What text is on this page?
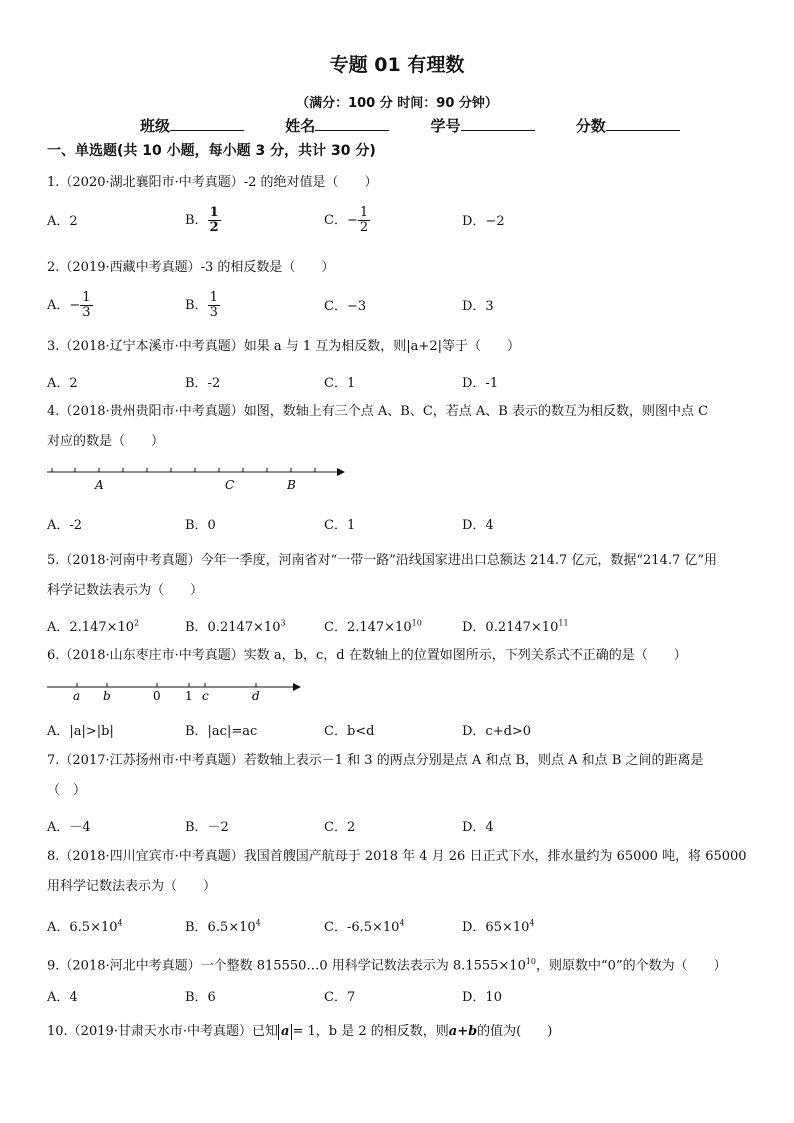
专题 01 有理数
（满分：100 分 时间：90 分钟）
班级	姓名	学号	分数
一、单选题(共 10 小题，每小题 3 分，共计 30 分)
1.（2020·湖北襄阳市·中考真题）-2 的绝对值是（　　）
A．2	B． $\frac{1}{2}$	C．− $\frac{1}{2}$	D．−2
2.（2019·西藏中考真题）-3 的相反数是（　　）
A．− $\frac{1}{3}$	B． $\frac{1}{3}$	C．−3	D．3
3.（2018·辽宁本溪市·中考真题）如果 a 与 1 互为相反数，则|a+2|等于（　　）
A．2	B．-2	C．1	D．-1
4.（2018·贵州贵阳市·中考真题）如图，数轴上有三个点 A、B、C，若点 A、B 表示的数互为相反数，则图中点 C
对应的数是（　　）
A	C	B
A．-2	B．0	C．1	D．4
5.（2018·河南中考真题）今年一季度，河南省对“一带一路”沿线国家进出口总额达 214.7 亿元，数据“214.7 亿”用
科学记数法表示为（　　）
A．$2.147\times 10^2$	B．$0.2147\times 10^3$	C．$2.147\times 10^{10}$	D．$0.2147\times 10^{11}$
6.（2018·山东枣庄市·中考真题）实数 a，b，c，d 在数轴上的位置如图所示，下列关系式不正确的是（　　）
a b	0 1 c	d
A．|a|>|b|	B．|ac|=ac	C．b<d	D．c+d>0
7.（2017·江苏扬州市·中考真题）若数轴上表示－1 和 3 的两点分别是点 A 和点 B，则点 A 和点 B 之间的距离是
（　）
A．－4	B．－2	C．2	D．4
8.（2018·四川宜宾市·中考真题）我国首艘国产航母于 2018 年 4 月 26 日正式下水，排水量约为 65000 吨，将 65000
用科学记数法表示为（　　）
A．$6.5\times 10^4$	B．$6.5\times 10^4$	C．$-6.5\times 10^4$	D．$65\times 10^4$
9.（2018·河北中考真题）一个整数 815550…0 用科学记数法表示为 $8.1555\times 10^{10}$，则原数中“0”的个数为（　　）
A．4	B．6	C．7	D．10
10.（2019·甘肃天水市·中考真题）已知 a = 1，b 是 2 的相反数，则a+b的值为(　　)
